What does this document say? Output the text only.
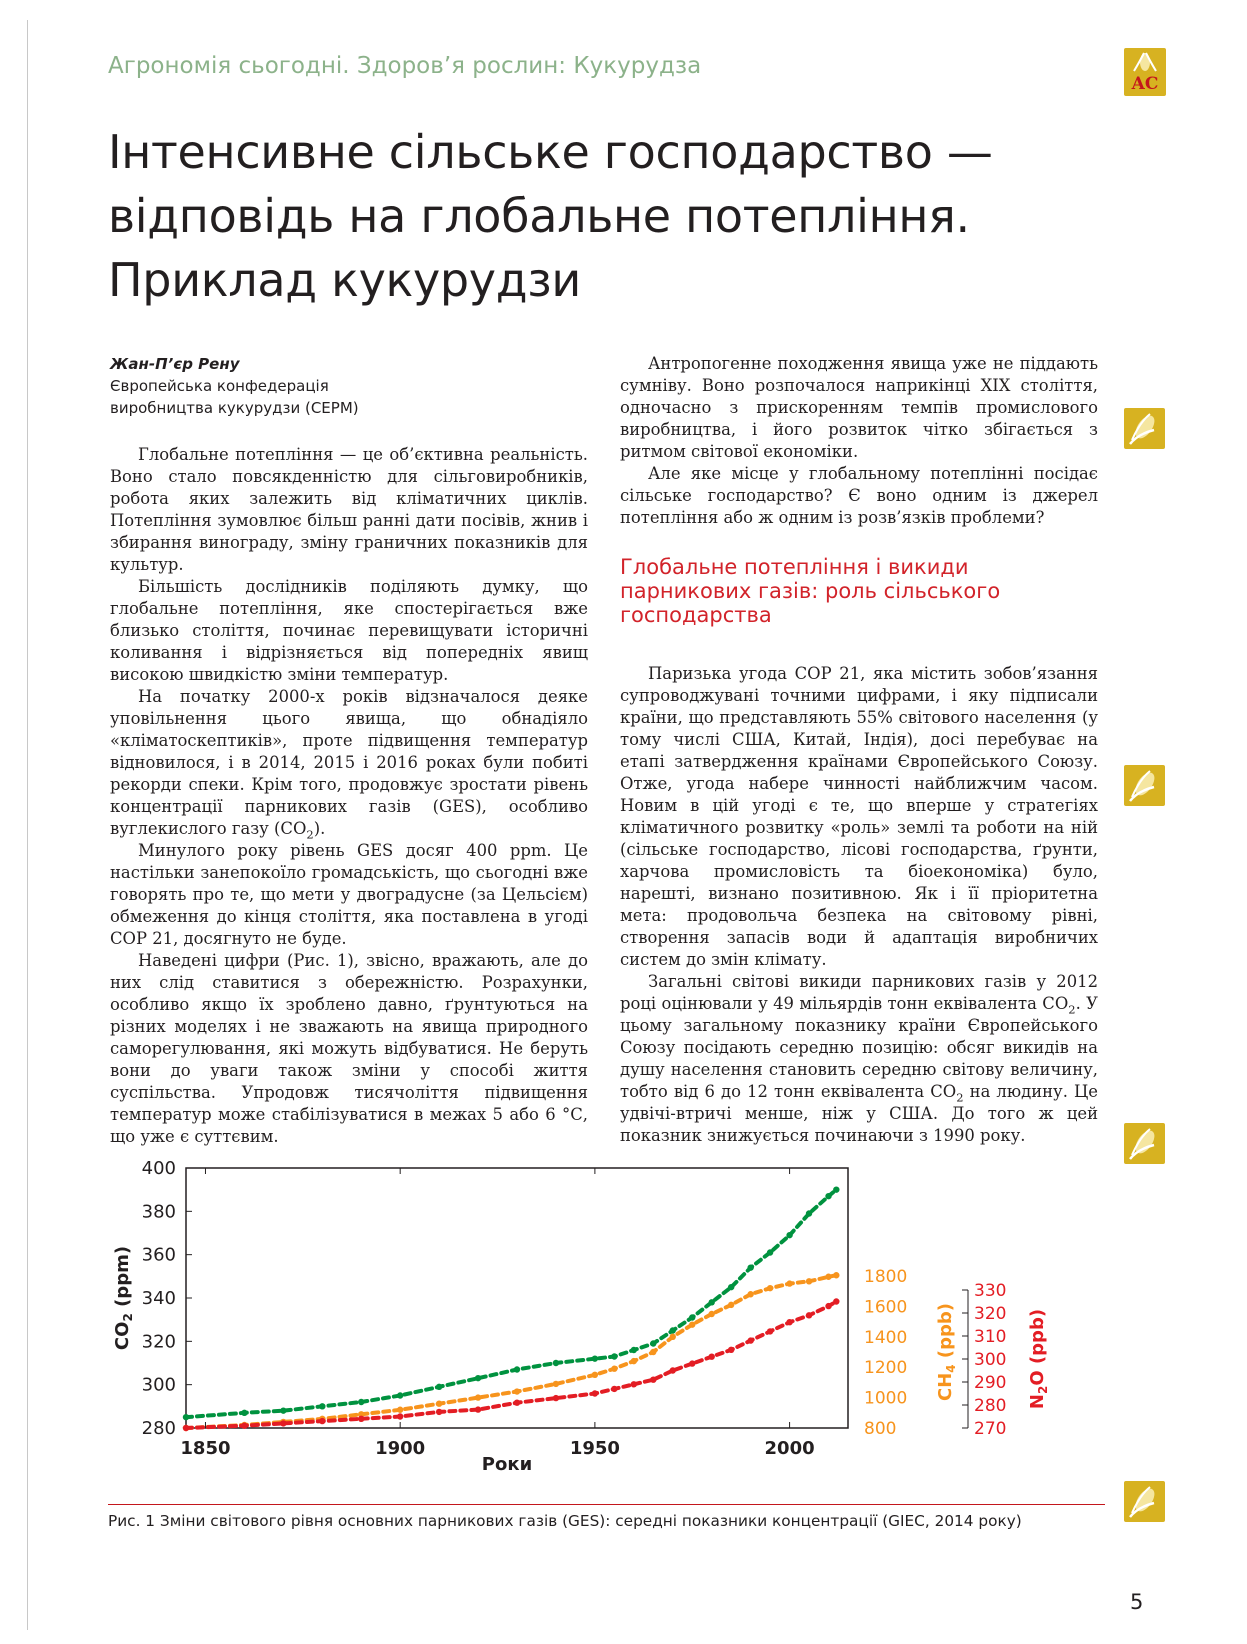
Агрономія сьогодні. Здоров’я рослин: Кукурудза
AC
Інтенсивне сільське господарство —
відповідь на глобальне потепління.
Приклад кукурудзи
Жан-П’єр Рену
Європейська конфедерація
виробництва кукурудзи (CEPM)

Глобальне потепління — це об’єктивна реальність. Воно стало повсякденністю для сільговиробників, робота яких залежить від кліматичних циклів. Потепління зумовлює більш ранні дати посівів, жнив і збирання винограду, зміну граничних показників для культур.

Більшість дослідників поділяють думку, що глобальне потепління, яке спостерігається вже близько століття, починає перевищувати історичні коливання і відрізняється від попередніх явищ високою швидкістю зміни температур.

На початку 2000-х років відзначалося деяке уповільнення цього явища, що обнадіяло «кліматоскептиків», проте підвищення температур відновилося, і в 2014, 2015 і 2016 роках були побиті рекорди спеки. Крім того, продовжує зростати рівень концентрації парникових газів (GES), особливо вуглекислого газу $(CO_2)$.

Минулого року рівень GES досяг 400 ppm. Це настільки занепокоїло громадськість, що сьогодні вже говорять про те, що мети у двоградусне (за Цельсієм) обмеження до кінця століття, яка поставлена в угоді COP 21, досягнуто не буде.

Наведені цифри (Рис. 1), звісно, вражають, але до них слід ставитися з обережністю. Розрахунки, особливо якщо їх зроблено давно, ґрунтуються на різних моделях і не зважають на явища природного саморегулювання, які можуть відбуватися. Не беруть вони до уваги також зміни у способі життя суспільства. Упродовж тисячоліття підвищення температур може стабілізуватися в межах 5 або 6 °С, що уже є суттєвим.

Антропогенне походження явища уже не піддають сумніву. Воно розпочалося наприкінці XIX століття, одночасно з прискоренням темпів промислового виробництва, і його розвиток чітко збігається з ритмом світової економіки.

Але яке місце у глобальному потеплінні посідає сільське господарство? Є воно одним із джерел потепління або ж одним із розв’язків проблеми?

Глобальне потепління і викиди парникових газів: роль сільського господарства

Паризька угода COP 21, яка містить зобов’язання супроводжувані точними цифрами, і яку підписали країни, що представляють 55% світового населення (у тому числі США, Китай, Індія), досі перебуває на етапі затвердження країнами Європейського Союзу. Отже, угода набере чинності найближчим часом. Новим в цій угоді є те, що вперше у стратегіях кліматичного розвитку «роль» землі та роботи на ній (сільське господарство, лісові господарства, ґрунти, харчова промисловість та біоекономіка) було, нарешті, визнано позитивною. Як і її пріоритетна мета: продовольча безпека на світовому рівні, створення запасів води й адаптація виробничих систем до змін клімату.

Загальні світові викиди парникових газів у 2012 році оцінювали у 49 мільярдів тонн еквівалента $CO_2$. У цьому загальному показнику країни Європейського Союзу посідають середню позицію: обсяг викидів на душу населення становить середню світову величину, тобто від 6 до 12 тонн еквівалента $CO_2$ на людину. Це удвічі-втричі менше, ніж у США. До того ж цей показник знижується починаючи з 1990 року.

1850	1900	1950	2000
Роки
280
300
320
340
360
380
400
$CO_2$ (ppm)
800
1000
1200
1400
1600
1800
$CH_4$ (ppb)
270
280
290
300
310
320
330
$N_2O$ (ppb)
Рис. 1 Зміни світового рівня основних парникових газів (GES): середні показники концентрації (GIEC, 2014 року)
5
